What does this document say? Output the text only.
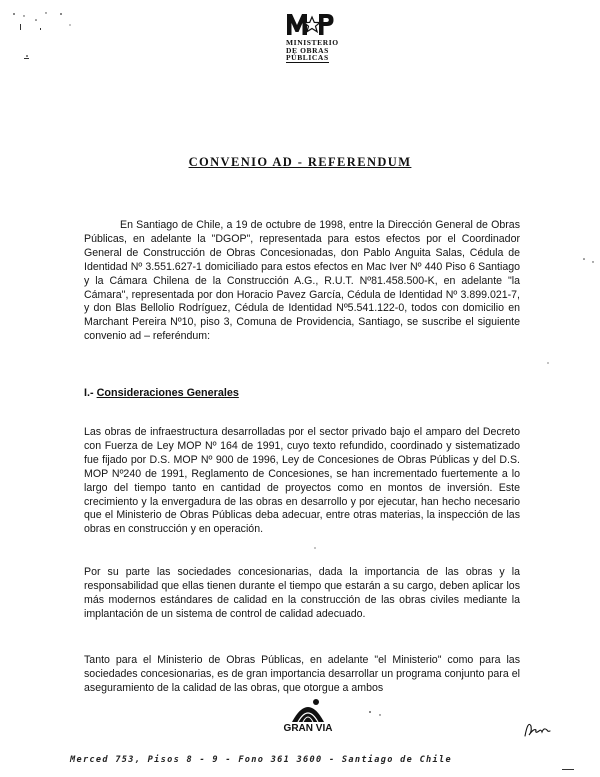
MINISTERIO
DE OBRAS
PÚBLICAS
CONVENIO AD - REFERENDUM
En Santiago de Chile, a 19 de octubre de 1998, entre la Dirección General de Obras Públicas, en adelante la "DGOP", representada para estos efectos por el Coordinador General de Construcción de Obras Concesionadas, don Pablo Anguita Salas, Cédula de Identidad Nº 3.551.627-1 domiciliado para estos efectos en Mac Iver Nº 440 Piso 6 Santiago y la Cámara Chilena de la Construcción A.G., R.U.T. Nº81.458.500-K, en adelante "la Cámara", representada por don Horacio Pavez García, Cédula de Identidad Nº 3.899.021-7, y don Blas Bellolio Rodríguez, Cédula de Identidad Nº5.541.122-0, todos con domicilio en Marchant Pereira Nº10, piso 3, Comuna de Providencia, Santiago, se suscribe el siguiente convenio ad – referéndum:
I.- Consideraciones Generales
Las obras de infraestructura desarrolladas por el sector privado bajo el amparo del Decreto con Fuerza de Ley MOP Nº 164 de 1991, cuyo texto refundido, coordinado y sistematizado fue fijado por D.S. MOP Nº 900 de 1996, Ley de Concesiones de Obras Públicas y del D.S. MOP Nº240 de 1991, Reglamento de Concesiones, se han incrementado fuertemente a lo largo del tiempo tanto en cantidad de proyectos como en montos de inversión. Este crecimiento y la envergadura de las obras en desarrollo y por ejecutar, han hecho necesario que el Ministerio de Obras Públicas deba adecuar, entre otras materias, la inspección de las obras en construcción y en operación.
Por su parte las sociedades concesionarias, dada la importancia de las obras y la responsabilidad que ellas tienen durante el tiempo que estarán a su cargo, deben aplicar los más modernos estándares de calidad en la construcción de las obras civiles mediante la implantación de un sistema de control de calidad adecuado.
Tanto para el Ministerio de Obras Públicas, en adelante "el Ministerio" como para las sociedades concesionarias, es de gran importancia desarrollar un programa conjunto para el aseguramiento de la calidad de las obras, que otorgue a ambos
GRAN VIA
Merced 753, Pisos 8 - 9 - Fono 361 3600 - Santiago de Chile
